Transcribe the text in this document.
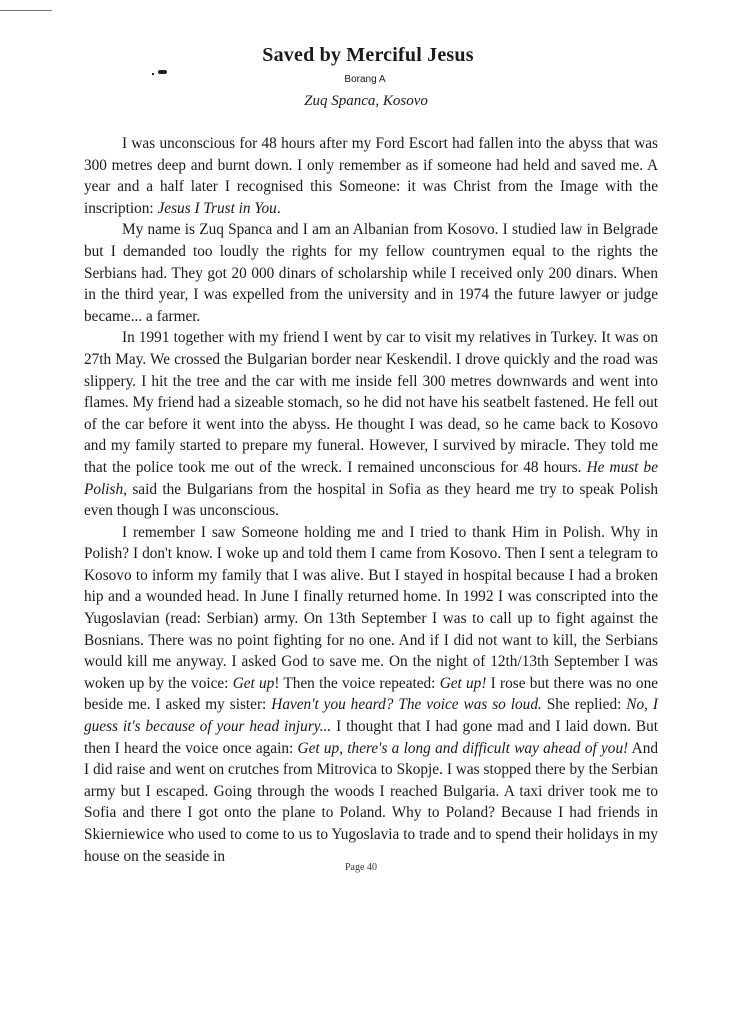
Saved by Merciful Jesus
Borang A
Zuq Spanca, Kosovo

I was unconscious for 48 hours after my Ford Escort had fallen into the abyss that was 300 metres deep and burnt down. I only remember as if someone had held and saved me. A year and a half later I recognised this Someone: it was Christ from the Image with the inscription: Jesus I Trust in You.

My name is Zuq Spanca and I am an Albanian from Kosovo. I studied law in Belgrade but I demanded too loudly the rights for my fellow countrymen equal to the rights the Serbians had. They got 20 000 dinars of scholarship while I received only 200 dinars. When in the third year, I was expelled from the university and in 1974 the future lawyer or judge became... a farmer.

In 1991 together with my friend I went by car to visit my relatives in Turkey. It was on 27th May. We crossed the Bulgarian border near Keskendil. I drove quickly and the road was slippery. I hit the tree and the car with me inside fell 300 metres downwards and went into flames. My friend had a sizeable stomach, so he did not have his seatbelt fastened. He fell out of the car before it went into the abyss. He thought I was dead, so he came back to Kosovo and my family started to prepare my funeral. However, I survived by miracle. They told me that the police took me out of the wreck. I remained unconscious for 48 hours. He must be Polish, said the Bulgarians from the hospital in Sofia as they heard me try to speak Polish even though I was unconscious.

I remember I saw Someone holding me and I tried to thank Him in Polish. Why in Polish? I don't know. I woke up and told them I came from Kosovo. Then I sent a telegram to Kosovo to inform my family that I was alive. But I stayed in hospital because I had a broken hip and a wounded head. In June I finally returned home. In 1992 I was conscripted into the Yugoslavian (read: Serbian) army. On 13th September I was to call up to fight against the Bosnians. There was no point fighting for no one. And if I did not want to kill, the Serbians would kill me anyway. I asked God to save me. On the night of 12th/13th September I was woken up by the voice: Get up! Then the voice repeated: Get up! I rose but there was no one beside me. I asked my sister: Haven't you heard? The voice was so loud. She replied: No, I guess it's because of your head injury... I thought that I had gone mad and I laid down. But then I heard the voice once again: Get up, there's a long and difficult way ahead of you! And I did raise and went on crutches from Mitrovica to Skopje. I was stopped there by the Serbian army but I escaped. Going through the woods I reached Bulgaria. A taxi driver took me to Sofia and there I got onto the plane to Poland. Why to Poland? Because I had friends in Skierniewice who used to come to us to Yugoslavia to trade and to spend their holidays in my house on the seaside in

Page 40
